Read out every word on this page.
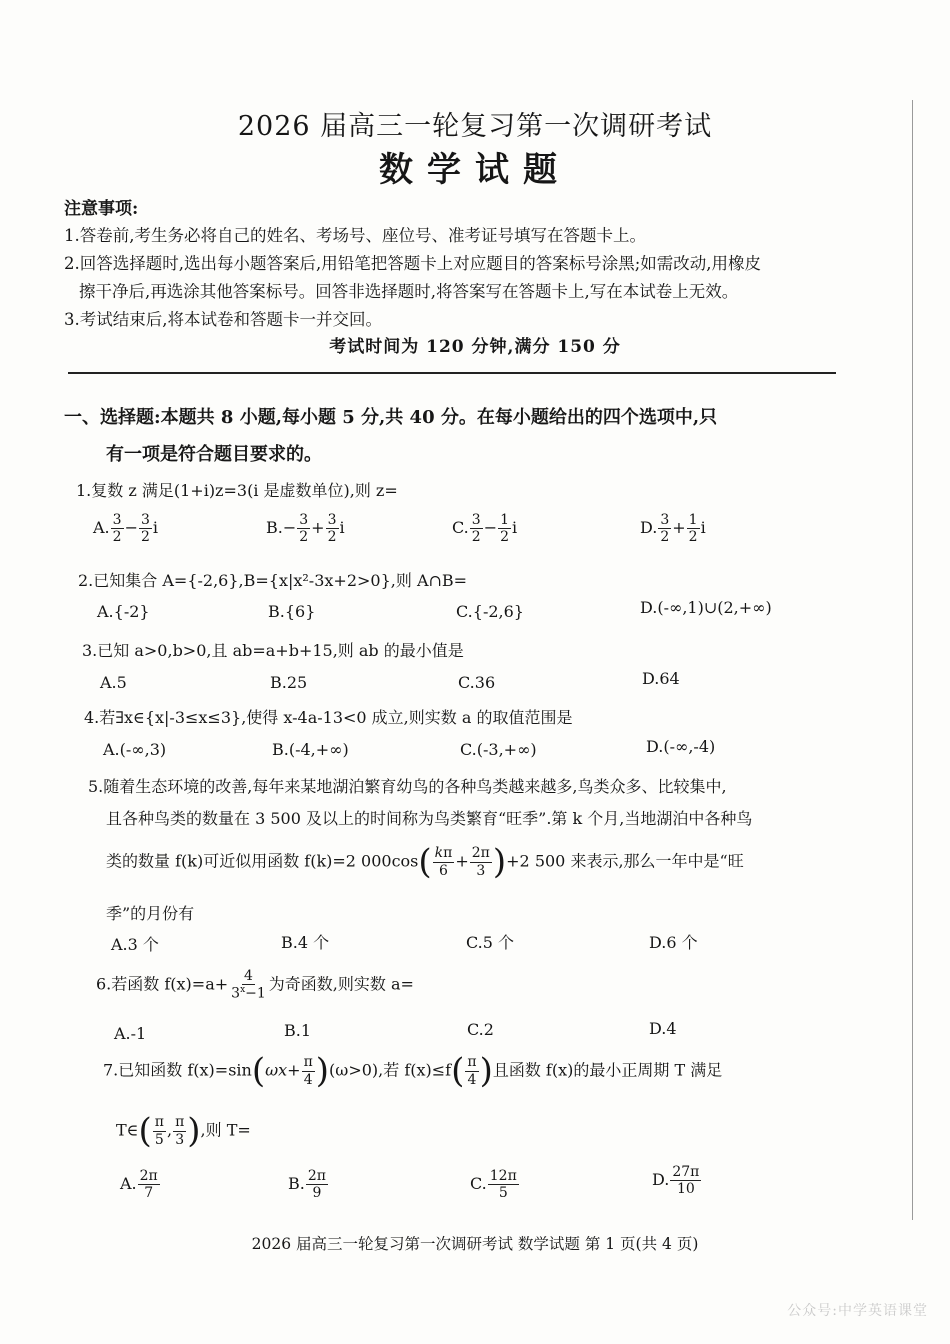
2026 届高三一轮复习第一次调研考试
数学试题
注意事项:
1.答卷前,考生务必将自己的姓名、考场号、座位号、准考证号填写在答题卡上。
2.回答选择题时,选出每小题答案后,用铅笔把答题卡上对应题目的答案标号涂黑;如需改动,用橡皮
擦干净后,再选涂其他答案标号。回答非选择题时,将答案写在答题卡上,写在本试卷上无效。
3.考试结束后,将本试卷和答题卡一并交回。
考试时间为 120 分钟,满分 150 分
一、选择题:本题共 8 小题,每小题 5 分,共 40 分。在每小题给出的四个选项中,只
有一项是符合题目要求的。
1.复数 z 满足(1+i)z=3(i 是虚数单位),则 z=
A. $\frac{3}{2} - \frac{3}{2}$ i	$B.- \frac{3}{2} + \frac{3}{2}$ i	C. $\frac{3}{2} - \frac{1}{2}$ i	D. $\frac{3}{2} + \frac{1}{2}$ i
2.已知集合 A={-2,6},B={x|x²-3x+2>0},则 A∩B=
A.{-2}	B.{6}	C.{-2,6}	D.(-∞,1)∪(2,+∞)
3.已知 a>0,b>0,且 ab=a+b+15,则 ab 的最小值是
A.5	B.25	C.36	D.64
4.若∃x∈{x|-3≤x≤3},使得 x-4a-13<0 成立,则实数 a 的取值范围是
A.(-∞,3)	B.(-4,+∞)	C.(-3,+∞)	D.(-∞,-4)
5.随着生态环境的改善,每年来某地湖泊繁育幼鸟的各种鸟类越来越多,鸟类众多、比较集中,
且各种鸟类的数量在 3 500 及以上的时间称为鸟类繁育“旺季”.第 k 个月,当地湖泊中各种鸟
类的数量 f(k)可近似用函数 f(k)=2 $000\cos( \frac{k\pi}{6} + \frac{2\pi}{3} )+2$ 500 来表示,那么一年中是“旺
季”的月份有
A.3 个	B.4 个	C.5 个	D.6 个
6.若函数 $f(x)=a+ \frac{4}{3^x-1}$ 为奇函数,则实数 a=
A.-1	B.1	C.2	D.4
7.已知函数 $f(x)=\sin(\omega x+ \frac{\pi}{4} )(\omega>0)$,若 $f(x)\le f( \frac{\pi}{4}$ )且函数 f(x)的最小正周期 T 满足
T∈( $\frac{\pi}{5}$ , $\frac{\pi}{3}$ ),则 T=
A. $\frac{2\pi}{7}$	B. $\frac{2\pi}{9}$	C. $\frac{12\pi}{5}$	D. $\frac{27\pi}{10}$
2026 届高三一轮复习第一次调研考试 数学试题 第 1 页(共 4 页)
公众号:中学英语课堂
